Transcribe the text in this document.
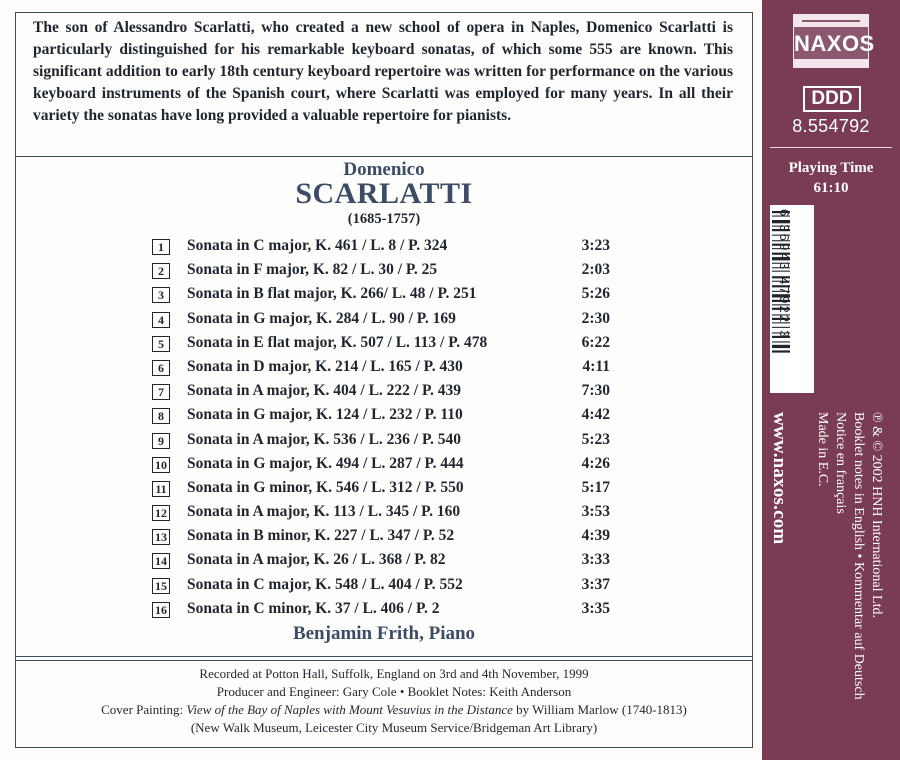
The son of Alessandro Scarlatti, who created a new school of opera in Naples, Domenico Scarlatti is particularly distinguished for his remarkable keyboard sonatas, of which some 555 are known. This significant addition to early 18th century keyboard repertoire was written for performance on the various keyboard instruments of the Spanish court, where Scarlatti was employed for many years. In all their variety the sonatas have long provided a valuable repertoire for pianists.

Domenico
SCARLATTI
(1685-1757)
1	Sonata in C major, K. 461 / L. 8 / P. 324	3:23
2	Sonata in F major, K. 82 / L. 30 / P. 25	2:03
3	Sonata in B flat major, K. 266/ L. 48 / P. 251	5:26
4	Sonata in G major, K. 284 / L. 90 / P. 169	2:30
5	Sonata in E flat major, K. 507 / L. 113 / P. 478	6:22
6	Sonata in D major, K. 214 / L. 165 / P. 430	4:11
7	Sonata in A major, K. 404 / L. 222 / P. 439	7:30
8	Sonata in G major, K. 124 / L. 232 / P. 110	4:42
9	Sonata in A major, K. 536 / L. 236 / P. 540	5:23
10 Sonata in G major, K. 494 / L. 287 / P. 444	4:26
11 Sonata in G minor, K. 546 / L. 312 / P. 550	5:17
12 Sonata in A major, K. 113 / L. 345 / P. 160	3:53
13 Sonata in B minor, K. 227 / L. 347 / P. 52	4:39
14 Sonata in A major, K. 26 / L. 368 / P. 82	3:33
15 Sonata in C major, K. 548 / L. 404 / P. 552	3:37
16 Sonata in C minor, K. 37 / L. 406 / P. 2	3:35
Benjamin Frith, Piano
Recorded at Potton Hall, Suffolk, England on 3rd and 4th November, 1999
Producer and Engineer: Gary Cole • Booklet Notes: Keith Anderson
Cover Painting: View of the Bay of Naples with Mount Vesuvius in the Distance by William Marlow (1740-1813)
(New Walk Museum, Leicester City Museum Service/Bridgeman Art Library)
NAXOS
DDD
8.554792
Playing Time
61:10
6 36943 47922 3
www.naxos.com	℗ & © 2002 HNH International Ltd.
Booklet notes in English • Kommentar auf Deutsch
Notice en français
Made in E.C.
